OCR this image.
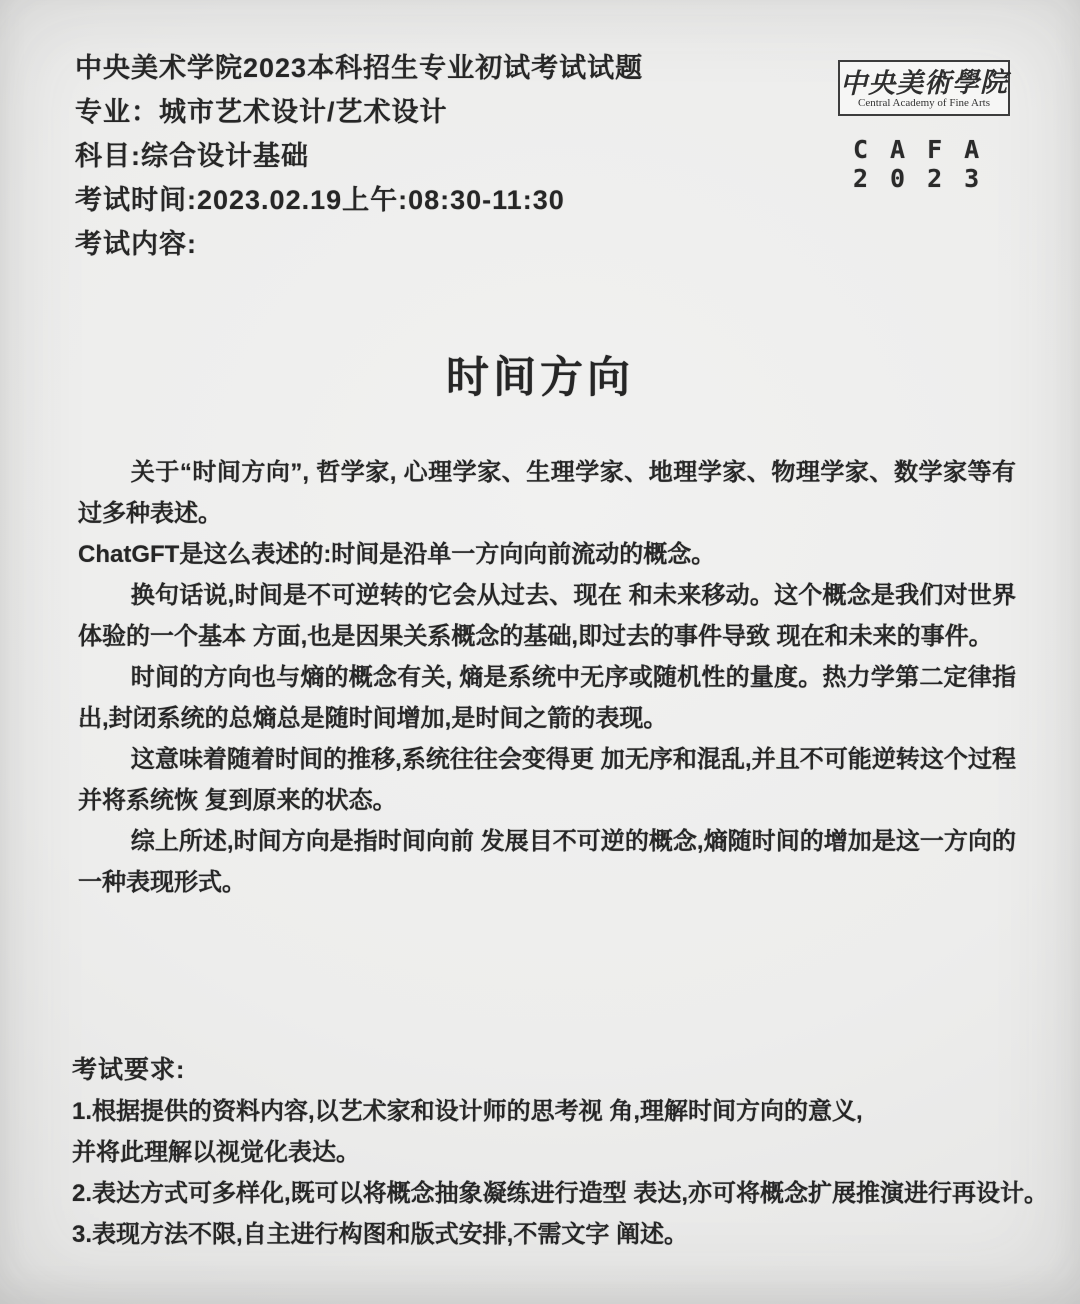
中央美术学院2023本科招生专业初试考试试题
专业：城市艺术设计/艺术设计
科目:综合设计基础
考试时间:2023.02.19上午:08:30-11:30
考试内容:
中央美術學院
Central Academy of Fine Arts
CAFA
2023
时间方向

关于“时间方向”, 哲学家, 心理学家、生理学家、地理学家、物理学家、数学家等有过多种表述。

ChatGFT是这么表述的:时间是沿单一方向向前流动的概念。

换句话说,时间是不可逆转的它会从过去、现在 和未来移动。这个概念是我们对世界体验的一个基本 方面,也是因果关系概念的基础,即过去的事件导致 现在和未来的事件。

时间的方向也与熵的概念有关, 熵是系统中无序或随机性的量度。热力学第二定律指 出,封闭系统的总熵总是随时间增加,是时间之箭的表现。

这意味着随着时间的推移,系统往往会变得更 加无序和混乱,并且不可能逆转这个过程并将系统恢 复到原来的状态。

综上所述,时间方向是指时间向前 发展目不可逆的概念,熵随时间的增加是这一方向的一种表现形式。

考试要求:
1.根据提供的资料内容,以艺术家和设计师的思考视 角,理解时间方向的意义,
并将此理解以视觉化表达。
2.表达方式可多样化,既可以将概念抽象凝练进行造型 表达,亦可将概念扩展推演进行再设计。
3.表现方法不限,自主进行构图和版式安排,不需文字 阐述。
